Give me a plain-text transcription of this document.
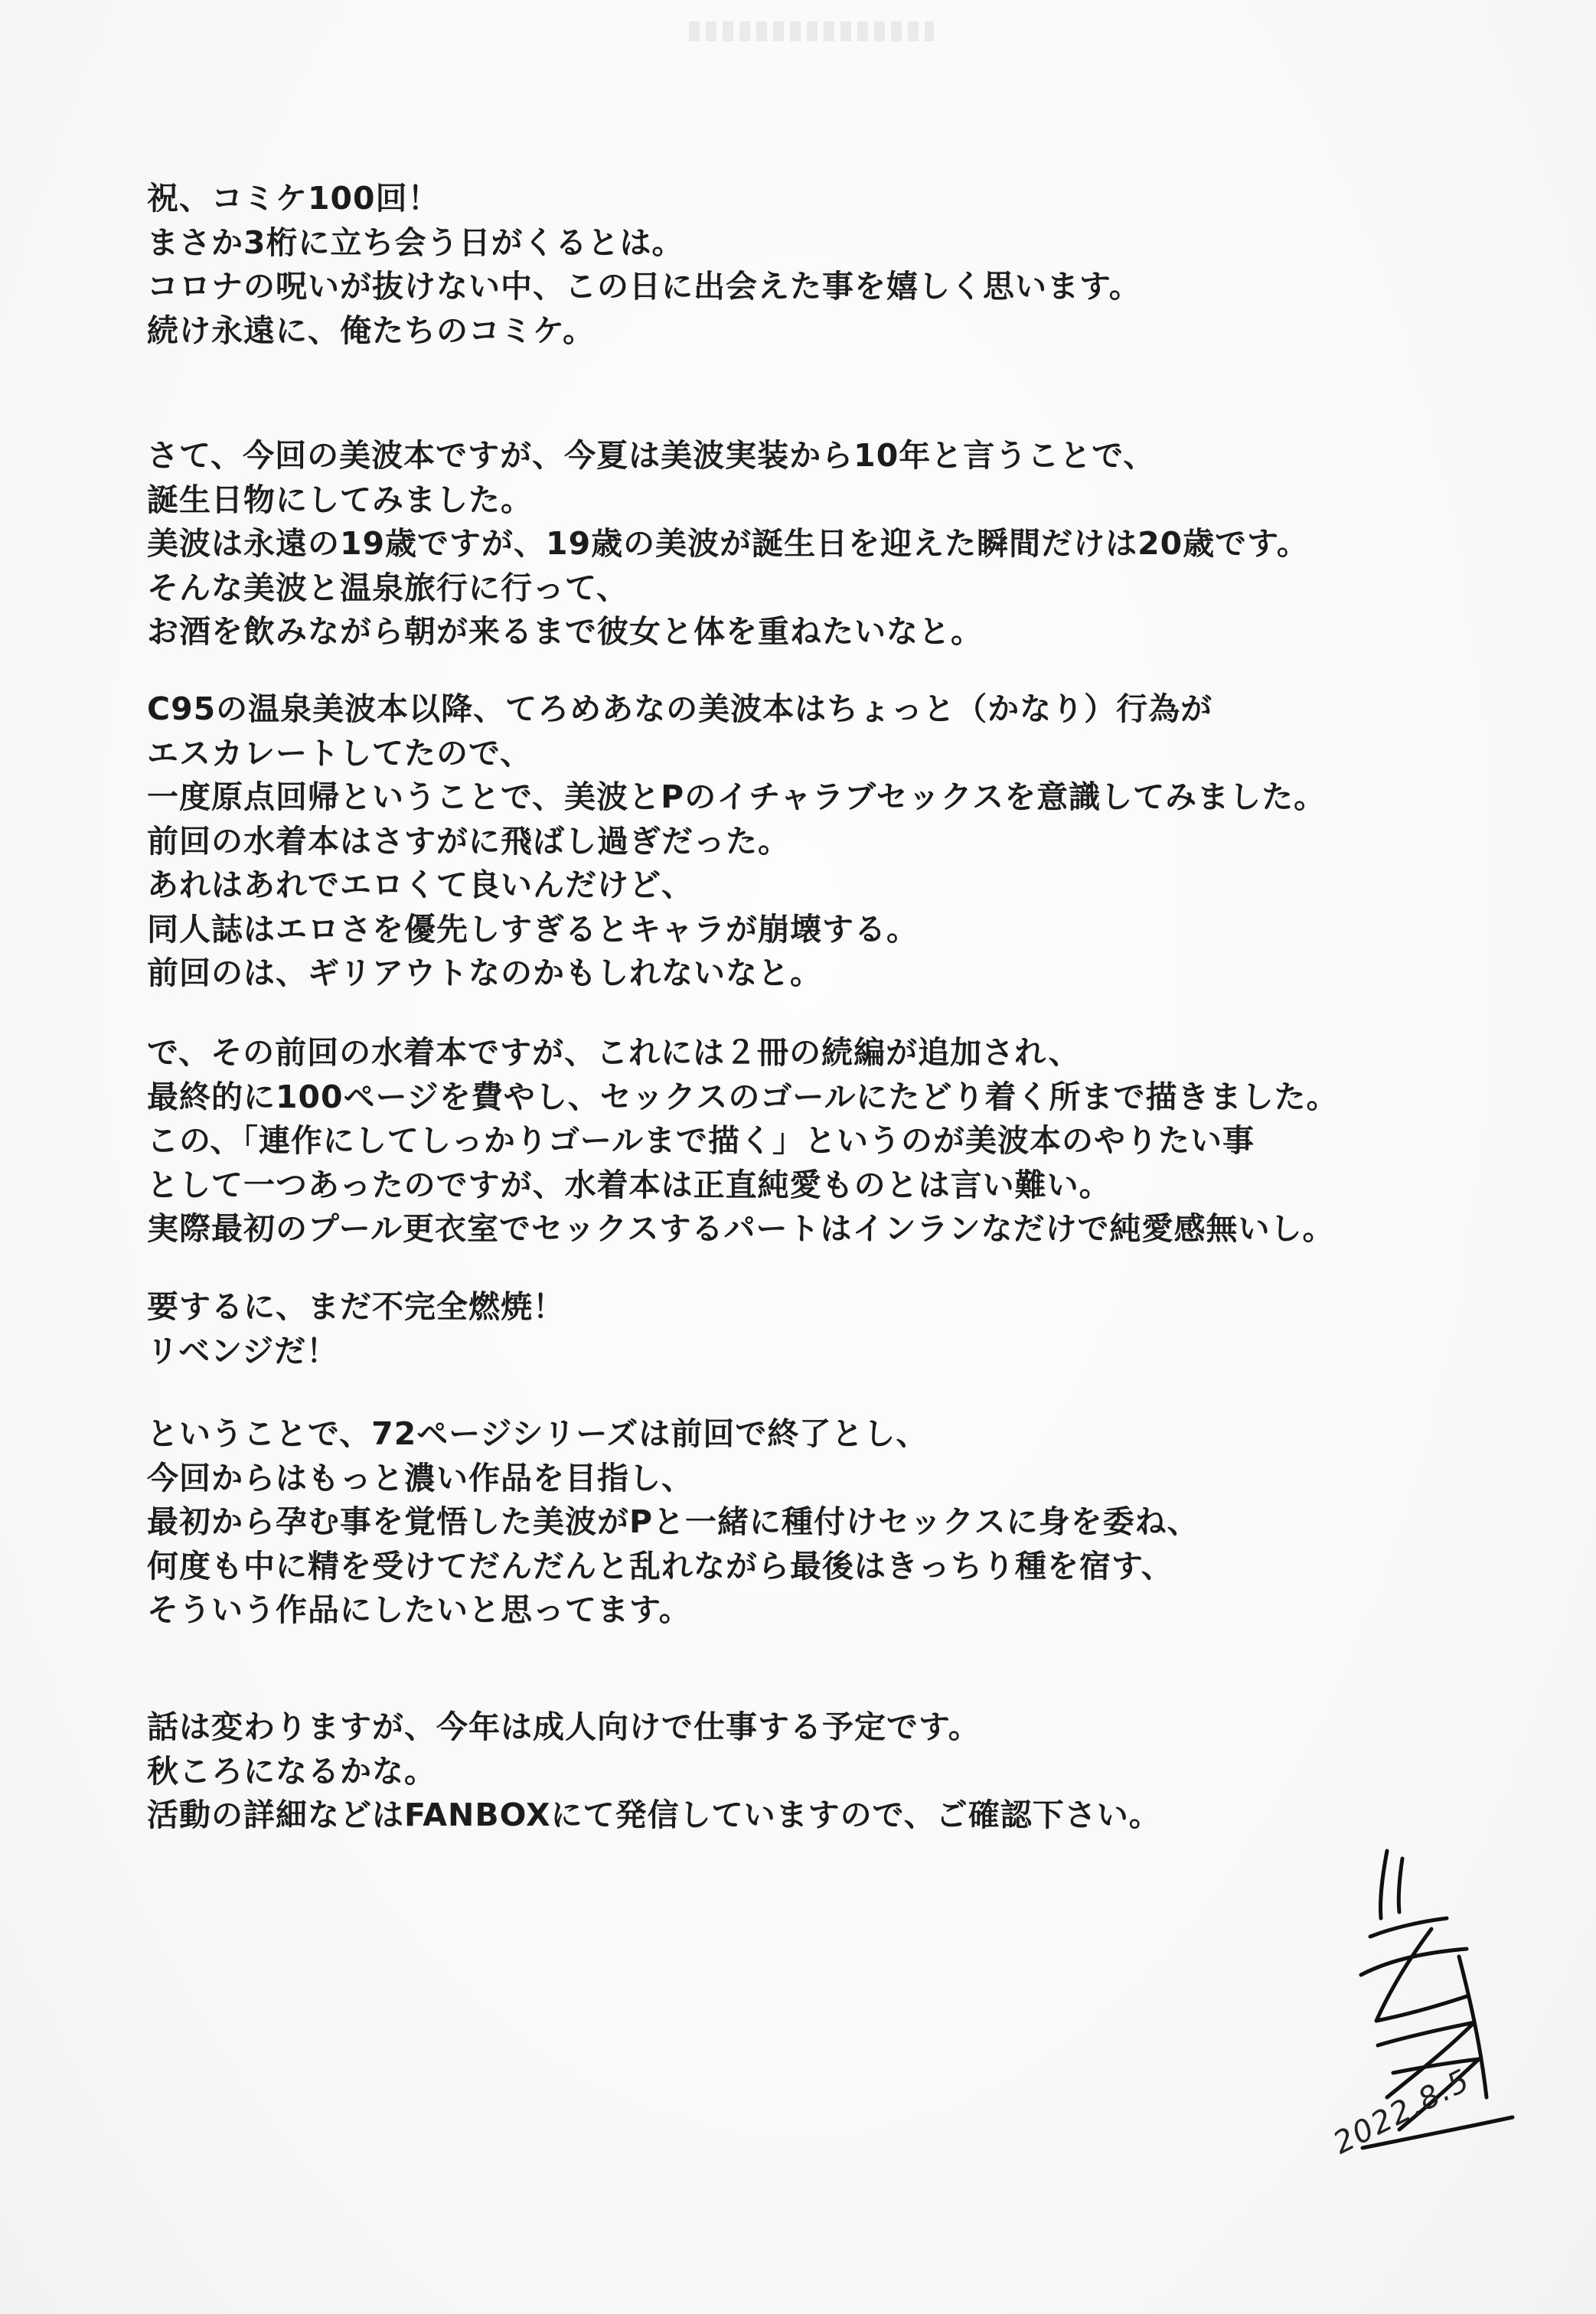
祝、コミケ100回！
まさか3桁に立ち会う日がくるとは。
コロナの呪いが抜けない中、この日に出会えた事を嬉しく思います。
続け永遠に、俺たちのコミケ。
さて、今回の美波本ですが、今夏は美波実装から10年と言うことで、
誕生日物にしてみました。
美波は永遠の19歳ですが、19歳の美波が誕生日を迎えた瞬間だけは20歳です。
そんな美波と温泉旅行に行って、
お酒を飲みながら朝が来るまで彼女と体を重ねたいなと。
C95の温泉美波本以降、てろめあなの美波本はちょっと（かなり）行為が
エスカレートしてたので、
一度原点回帰ということで、美波とPのイチャラブセックスを意識してみました。
前回の水着本はさすがに飛ばし過ぎだった。
あれはあれでエロくて良いんだけど、
同人誌はエロさを優先しすぎるとキャラが崩壊する。
前回のは、ギリアウトなのかもしれないなと。
で、その前回の水着本ですが、これには２冊の続編が追加され、
最終的に100ページを費やし、セックスのゴールにたどり着く所まで描きました。
この、「連作にしてしっかりゴールまで描く」というのが美波本のやりたい事
として一つあったのですが、水着本は正直純愛ものとは言い難い。
実際最初のプール更衣室でセックスするパートはインランなだけで純愛感無いし。
要するに、まだ不完全燃焼！
リベンジだ！
ということで、72ページシリーズは前回で終了とし、
今回からはもっと濃い作品を目指し、
最初から孕む事を覚悟した美波がPと一緒に種付けセックスに身を委ね、
何度も中に精を受けてだんだんと乱れながら最後はきっちり種を宿す、
そういう作品にしたいと思ってます。
話は変わりますが、今年は成人向けで仕事する予定です。
秋ころになるかな。
活動の詳細などはFANBOXにて発信していますので、ご確認下さい。
2022.8.5
